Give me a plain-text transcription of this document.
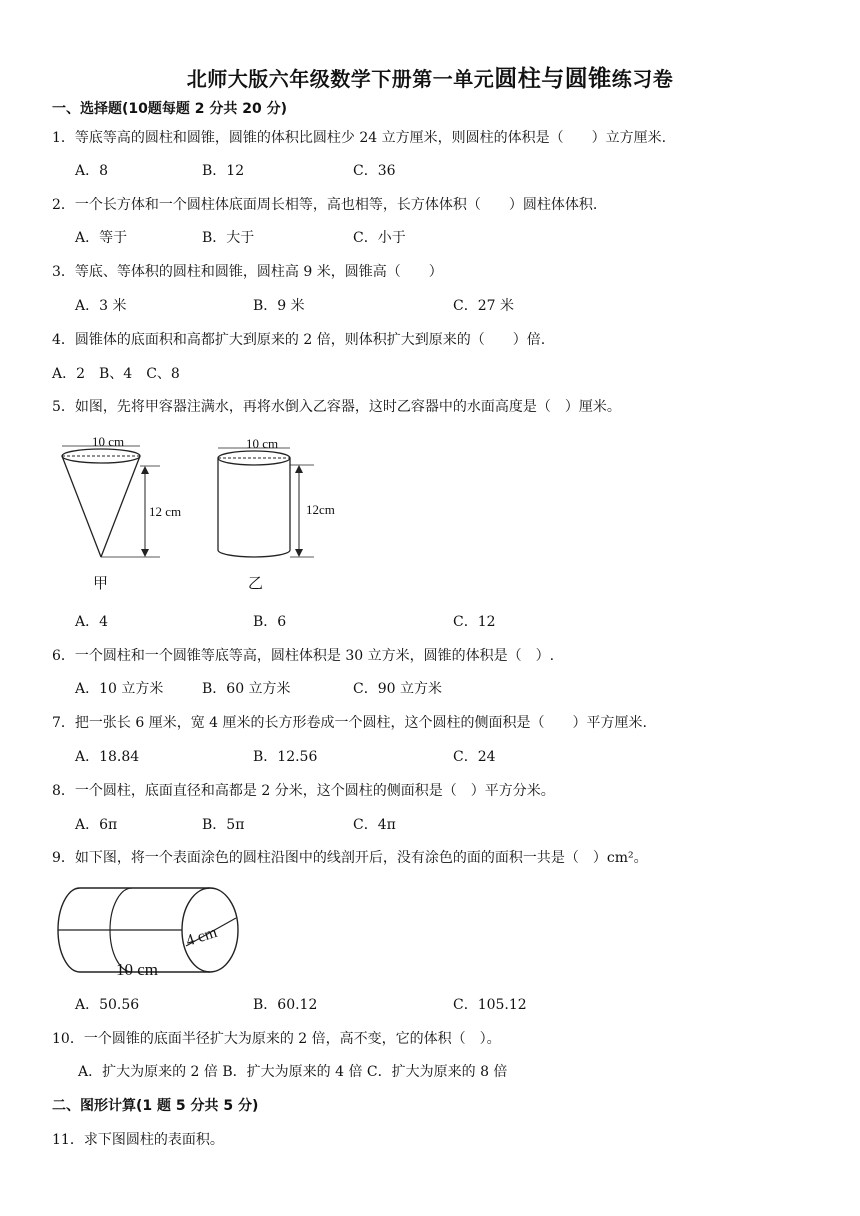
北师大版六年级数学下册第一单元圆柱与圆锥练习卷
一、选择题(10题每题 2 分共 20 分)
1．等底等高的圆柱和圆锥，圆锥的体积比圆柱少 24 立方厘米，则圆柱的体积是（　　）立方厘米.
A．8	B．12	C．36
2．一个长方体和一个圆柱体底面周长相等，高也相等，长方体体积（　　）圆柱体体积.
A．等于	B．大于	C．小于
3．等底、等体积的圆柱和圆锥，圆柱高 9 米，圆锥高（　　）
A．3 米	B．9 米	C．27 米
4．圆锥体的底面积和高都扩大到原来的 2 倍，则体积扩大到原来的（　　）倍.
A．2　B、4　C、8
5．如图，先将甲容器注满水，再将水倒入乙容器，这时乙容器中的水面高度是（　）厘米。
10 cm
12 cm
甲
10 cm
12cm
乙
A．4	B．6	C．12
6．一个圆柱和一个圆锥等底等高，圆柱体积是 30 立方米，圆锥的体积是（　）.
A．10 立方米	B．60 立方米	C．90 立方米
7．把一张长 6 厘米，宽 4 厘米的长方形卷成一个圆柱，这个圆柱的侧面积是（　　）平方厘米.
A．18.84	B．12.56	C．24
8．一个圆柱，底面直径和高都是 2 分米，这个圆柱的侧面积是（　）平方分米。
A．6π	B．5π	C．4π
9．如下图，将一个表面涂色的圆柱沿图中的线剖开后，没有涂色的面的面积一共是（　）cm²。
4 cm
10 cm
A．50.56	B．60.12	C．105.12
10．一个圆锥的底面半径扩大为原来的 2 倍，高不变，它的体积（　）。
A．扩大为原来的 2 倍 B．扩大为原来的 4 倍 C．扩大为原来的 8 倍
二、图形计算(1 题 5 分共 5 分)
11．求下图圆柱的表面积。
